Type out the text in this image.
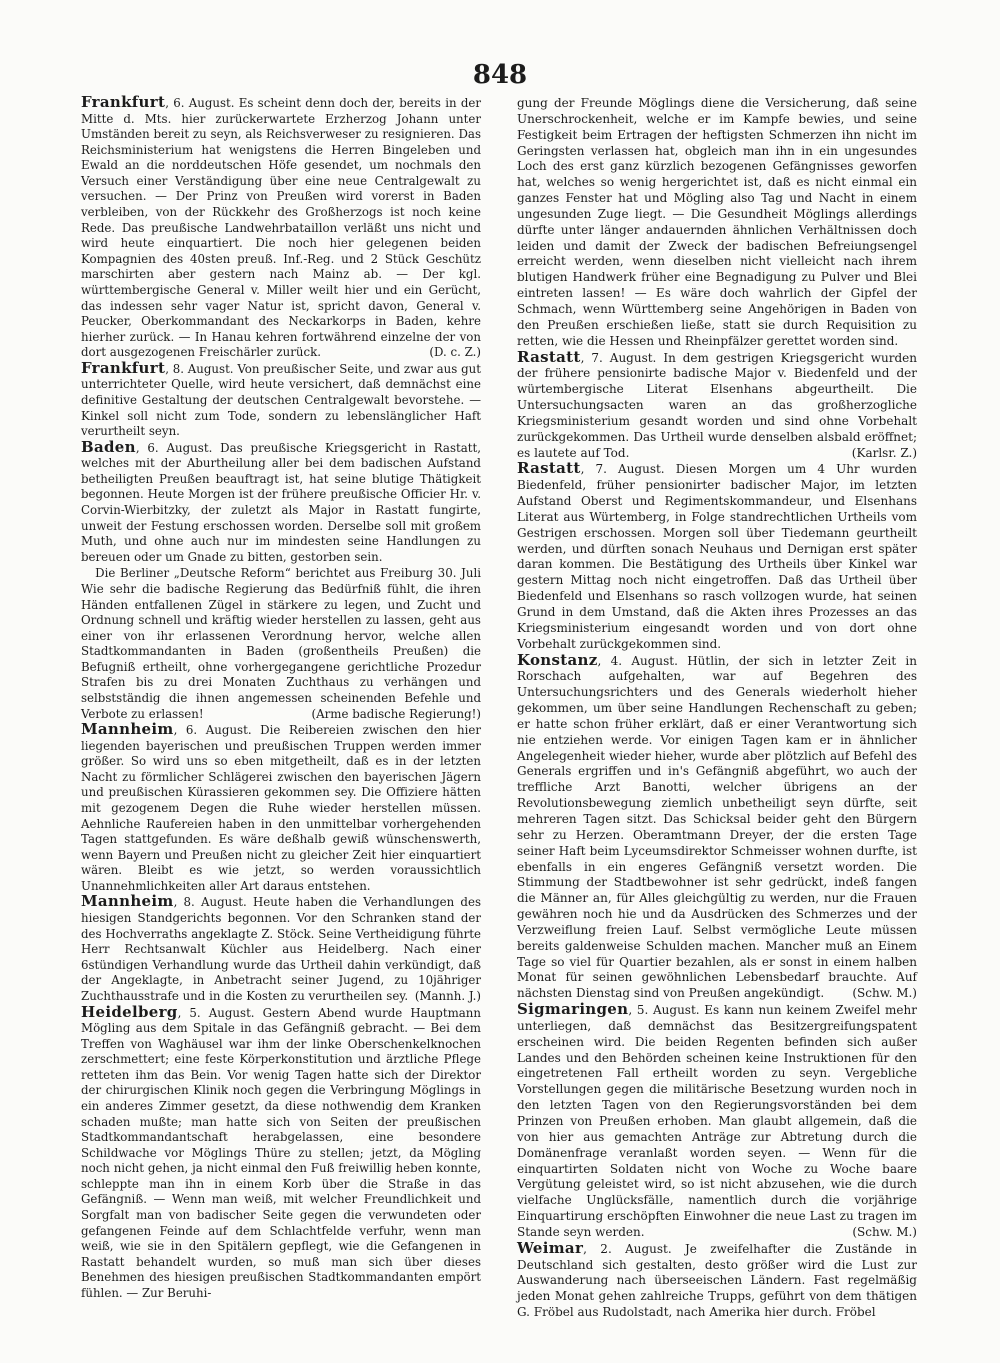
848

Frankfurt, 6. August. Es scheint denn doch der, bereits in der Mitte d. Mts. hier zurückerwartete Erzherzog Johann unter Umständen bereit zu seyn, als Reichsverweser zu resignieren. Das Reichsministerium hat wenigstens die Herren Bingeleben und Ewald an die norddeutschen Höfe gesendet, um nochmals den Versuch einer Verständigung über eine neue Centralgewalt zu versuchen. — Der Prinz von Preußen wird vorerst in Baden verbleiben, von der Rückkehr des Großherzogs ist noch keine Rede. Das preußische Landwehrbataillon verläßt uns nicht und wird heute einquartiert. Die noch hier gelegenen beiden Kompagnien des 40sten preuß. Inf.-Reg. und 2 Stück Geschütz marschirten aber gestern nach Mainz ab. — Der kgl. württembergische General v. Miller weilt hier und ein Gerücht, das indessen sehr vager Natur ist, spricht davon, General v. Peucker, Oberkommandant des Neckarkorps in Baden, kehre hierher zurück. — In Hanau kehren fortwährend einzelne der von dort ausgezogenen Freischärler zurück.	(D. c. Z.)

Frankfurt, 8. August. Von preußischer Seite, und zwar aus gut unterrichteter Quelle, wird heute versichert, daß demnächst eine definitive Gestaltung der deutschen Centralgewalt bevorstehe. — Kinkel soll nicht zum Tode, sondern zu lebenslänglicher Haft verurtheilt seyn.

Baden, 6. August. Das preußische Kriegsgericht in Rastatt, welches mit der Aburtheilung aller bei dem badischen Aufstand betheiligten Preußen beauftragt ist, hat seine blutige Thätigkeit begonnen. Heute Morgen ist der frühere preußische Officier Hr. v. Corvin-Wierbitzky, der zuletzt als Major in Rastatt fungirte, unweit der Festung erschossen worden. Derselbe soll mit großem Muth, und ohne auch nur im mindesten seine Handlungen zu bereuen oder um Gnade zu bitten, gestorben sein.

Die Berliner „Deutsche Reform“ berichtet aus Freiburg 30. Juli Wie sehr die badische Regierung das Bedürfniß fühlt, die ihren Händen entfallenen Zügel in stärkere zu legen, und Zucht und Ordnung schnell und kräftig wieder herstellen zu lassen, geht aus einer von ihr erlassenen Verordnung hervor, welche allen Stadtkommandanten in Baden (großentheils Preußen) die Befugniß ertheilt, ohne vorhergegangene gerichtliche Prozedur Strafen bis zu drei Monaten Zuchthaus zu verhängen und selbstständig die ihnen angemessen scheinenden Befehle und Verbote zu erlassen!	(Arme badische Regierung!)

Mannheim, 6. August. Die Reibereien zwischen den hier liegenden bayerischen und preußischen Truppen werden immer größer. So wird uns so eben mitgetheilt, daß es in der letzten Nacht zu förmlicher Schlägerei zwischen den bayerischen Jägern und preußischen Kürassieren gekommen sey. Die Offiziere hätten mit gezogenem Degen die Ruhe wieder herstellen müssen. Aehnliche Raufereien haben in den unmittelbar vorhergehenden Tagen stattgefunden. Es wäre deßhalb gewiß wünschenswerth, wenn Bayern und Preußen nicht zu gleicher Zeit hier einquartiert wären. Bleibt es wie jetzt, so werden voraussichtlich Unannehmlichkeiten aller Art daraus entstehen.

Mannheim, 8. August. Heute haben die Verhandlungen des hiesigen Standgerichts begonnen. Vor den Schranken stand der des Hochverraths angeklagte Z. Stöck. Seine Vertheidigung führte Herr Rechtsanwalt Küchler aus Heidelberg. Nach einer 6stündigen Verhandlung wurde das Urtheil dahin verkündigt, daß der Angeklagte, in Anbetracht seiner Jugend, zu 10jähriger Zuchthausstrafe und in die Kosten zu verurtheilen sey. (Mannh. J.)

Heidelberg, 5. August. Gestern Abend wurde Hauptmann Mögling aus dem Spitale in das Gefängniß gebracht. — Bei dem Treffen von Waghäusel war ihm der linke Oberschenkelknochen zerschmettert; eine feste Körperkonstitution und ärztliche Pflege retteten ihm das Bein. Vor wenig Tagen hatte sich der Direktor der chirurgischen Klinik noch gegen die Verbringung Möglings in ein anderes Zimmer gesetzt, da diese nothwendig dem Kranken schaden mußte; man hatte sich von Seiten der preußischen Stadtkommandantschaft herabgelassen, eine besondere Schildwache vor Möglings Thüre zu stellen; jetzt, da Mögling noch nicht gehen, ja nicht einmal den Fuß freiwillig heben konnte, schleppte man ihn in einem Korb über die Straße in das Gefängniß. — Wenn man weiß, mit welcher Freundlichkeit und Sorgfalt man von badischer Seite gegen die verwundeten oder gefangenen Feinde auf dem Schlachtfelde verfuhr, wenn man weiß, wie sie in den Spitälern gepflegt, wie die Gefangenen in Rastatt behandelt wurden, so muß man sich über dieses Benehmen des hiesigen preußischen Stadtkommandanten empört fühlen. — Zur Beruhi-

gung der Freunde Möglings diene die Versicherung, daß seine Unerschrockenheit, welche er im Kampfe bewies, und seine Festigkeit beim Ertragen der heftigsten Schmerzen ihn nicht im Geringsten verlassen hat, obgleich man ihn in ein ungesundes Loch des erst ganz kürzlich bezogenen Gefängnisses geworfen hat, welches so wenig hergerichtet ist, daß es nicht einmal ein ganzes Fenster hat und Mögling also Tag und Nacht in einem ungesunden Zuge liegt. — Die Gesundheit Möglings allerdings dürfte unter länger andauernden ähnlichen Verhältnissen doch leiden und damit der Zweck der badischen Befreiungsengel erreicht werden, wenn dieselben nicht vielleicht nach ihrem blutigen Handwerk früher eine Begnadigung zu Pulver und Blei eintreten lassen! — Es wäre doch wahrlich der Gipfel der Schmach, wenn Württemberg seine Angehörigen in Baden von den Preußen erschießen ließe, statt sie durch Requisition zu retten, wie die Hessen und Rheinpfälzer gerettet worden sind.

Rastatt, 7. August. In dem gestrigen Kriegsgericht wurden der frühere pensionirte badische Major v. Biedenfeld und der würtembergische Literat Elsenhans abgeurtheilt. Die Untersuchungsacten waren an das großherzogliche Kriegsministerium gesandt worden und sind ohne Vorbehalt zurückgekommen. Das Urtheil wurde denselben alsbald eröffnet; es lautete auf Tod.	(Karlsr. Z.)

Rastatt, 7. August. Diesen Morgen um 4 Uhr wurden Biedenfeld, früher pensionirter badischer Major, im letzten Aufstand Oberst und Regimentskommandeur, und Elsenhans Literat aus Würtemberg, in Folge standrechtlichen Urtheils vom Gestrigen erschossen. Morgen soll über Tiedemann geurtheilt werden, und dürften sonach Neuhaus und Dernigan erst später daran kommen. Die Bestätigung des Urtheils über Kinkel war gestern Mittag noch nicht eingetroffen. Daß das Urtheil über Biedenfeld und Elsenhans so rasch vollzogen wurde, hat seinen Grund in dem Umstand, daß die Akten ihres Prozesses an das Kriegsministerium eingesandt worden und von dort ohne Vorbehalt zurückgekommen sind.

Konstanz, 4. August. Hütlin, der sich in letzter Zeit in Rorschach aufgehalten, war auf Begehren des Untersuchungsrichters und des Generals wiederholt hieher gekommen, um über seine Handlungen Rechenschaft zu geben; er hatte schon früher erklärt, daß er einer Verantwortung sich nie entziehen werde. Vor einigen Tagen kam er in ähnlicher Angelegenheit wieder hieher, wurde aber plötzlich auf Befehl des Generals ergriffen und in's Gefängniß abgeführt, wo auch der treffliche Arzt Banotti, welcher übrigens an der Revolutionsbewegung ziemlich unbetheiligt seyn dürfte, seit mehreren Tagen sitzt. Das Schicksal beider geht den Bürgern sehr zu Herzen. Oberamtmann Dreyer, der die ersten Tage seiner Haft beim Lyceumsdirektor Schmeisser wohnen durfte, ist ebenfalls in ein engeres Gefängniß versetzt worden. Die Stimmung der Stadtbewohner ist sehr gedrückt, indeß fangen die Männer an, für Alles gleichgültig zu werden, nur die Frauen gewähren noch hie und da Ausdrücken des Schmerzes und der Verzweiflung freien Lauf. Selbst vermögliche Leute müssen bereits galdenweise Schulden machen. Mancher muß an Einem Tage so viel für Quartier bezahlen, als er sonst in einem halben Monat für seinen gewöhnlichen Lebensbedarf brauchte. Auf nächsten Dienstag sind von Preußen angekündigt. (Schw. M.)

Sigmaringen, 5. August. Es kann nun keinem Zweifel mehr unterliegen, daß demnächst das Besitzergreifungspatent erscheinen wird. Die beiden Regenten befinden sich außer Landes und den Behörden scheinen keine Instruktionen für den eingetretenen Fall ertheilt worden zu seyn. Vergebliche Vorstellungen gegen die militärische Besetzung wurden noch in den letzten Tagen von den Regierungsvorständen bei dem Prinzen von Preußen erhoben. Man glaubt allgemein, daß die von hier aus gemachten Anträge zur Abtretung durch die Domänenfrage veranlaßt worden seyen. — Wenn für die einquartirten Soldaten nicht von Woche zu Woche baare Vergütung geleistet wird, so ist nicht abzusehen, wie die durch vielfache Unglücksfälle, namentlich durch die vorjährige Einquartirung erschöpften Einwohner die neue Last zu tragen im Stande seyn werden.	(Schw. M.)

Weimar, 2. August. Je zweifelhafter die Zustände in Deutschland sich gestalten, desto größer wird die Lust zur Auswanderung nach überseeischen Ländern. Fast regelmäßig jeden Monat gehen zahlreiche Trupps, geführt von dem thätigen G. Fröbel aus Rudolstadt, nach Amerika hier durch. Fröbel
